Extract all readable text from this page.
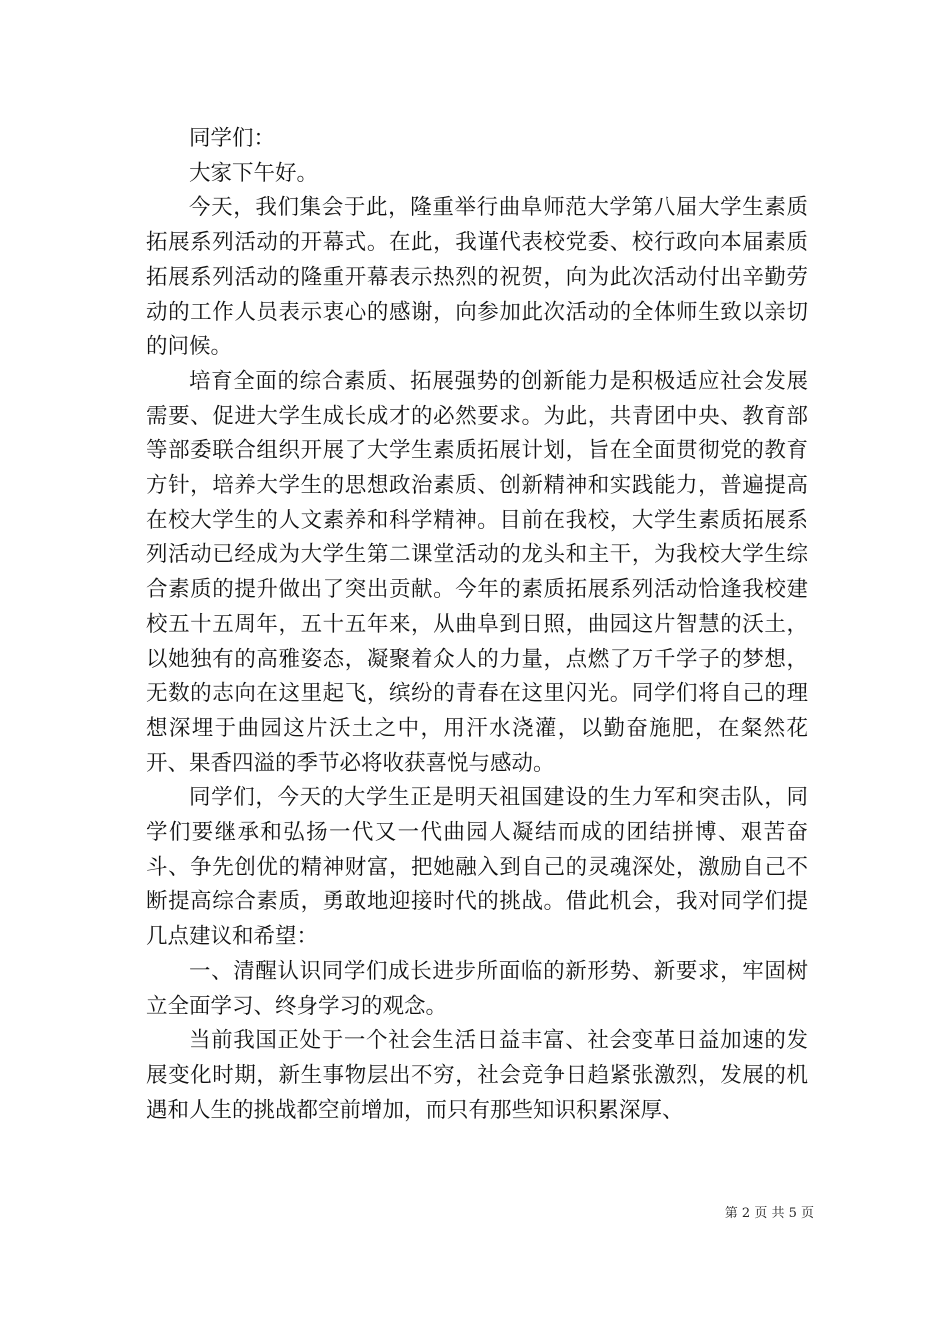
同学们：

大家下午好。

今天，我们集会于此，隆重举行曲阜师范大学第八届大学生素质拓展系列活动的开幕式。在此，我谨代表校党委、校行政向本届素质拓展系列活动的隆重开幕表示热烈的祝贺，向为此次活动付出辛勤劳动的工作人员表示衷心的感谢，向参加此次活动的全体师生致以亲切的问候。

培育全面的综合素质、拓展强势的创新能力是积极适应社会发展需要、促进大学生成长成才的必然要求。为此，共青团中央、教育部等部委联合组织开展了大学生素质拓展计划，旨在全面贯彻党的教育方针，培养大学生的思想政治素质、创新精神和实践能力，普遍提高在校大学生的人文素养和科学精神。目前在我校，大学生素质拓展系列活动已经成为大学生第二课堂活动的龙头和主干，为我校大学生综合素质的提升做出了突出贡献。今年的素质拓展系列活动恰逢我校建校五十五周年，五十五年来，从曲阜到日照，曲园这片智慧的沃土，以她独有的高雅姿态，凝聚着众人的力量，点燃了万千学子的梦想，无数的志向在这里起飞，缤纷的青春在这里闪光。同学们将自己的理想深埋于曲园这片沃土之中，用汗水浇灌，以勤奋施肥，在粲然花开、果香四溢的季节必将收获喜悦与感动。

同学们，今天的大学生正是明天祖国建设的生力军和突击队，同学们要继承和弘扬一代又一代曲园人凝结而成的团结拼博、艰苦奋斗、争先创优的精神财富，把她融入到自己的灵魂深处，激励自己不断提高综合素质，勇敢地迎接时代的挑战。借此机会，我对同学们提几点建议和希望：

一、清醒认识同学们成长进步所面临的新形势、新要求，牢固树立全面学习、终身学习的观念。

当前我国正处于一个社会生活日益丰富、社会变革日益加速的发展变化时期，新生事物层出不穷，社会竞争日趋紧张激烈，发展的机遇和人生的挑战都空前增加，而只有那些知识积累深厚、

第 2 页 共 5 页
